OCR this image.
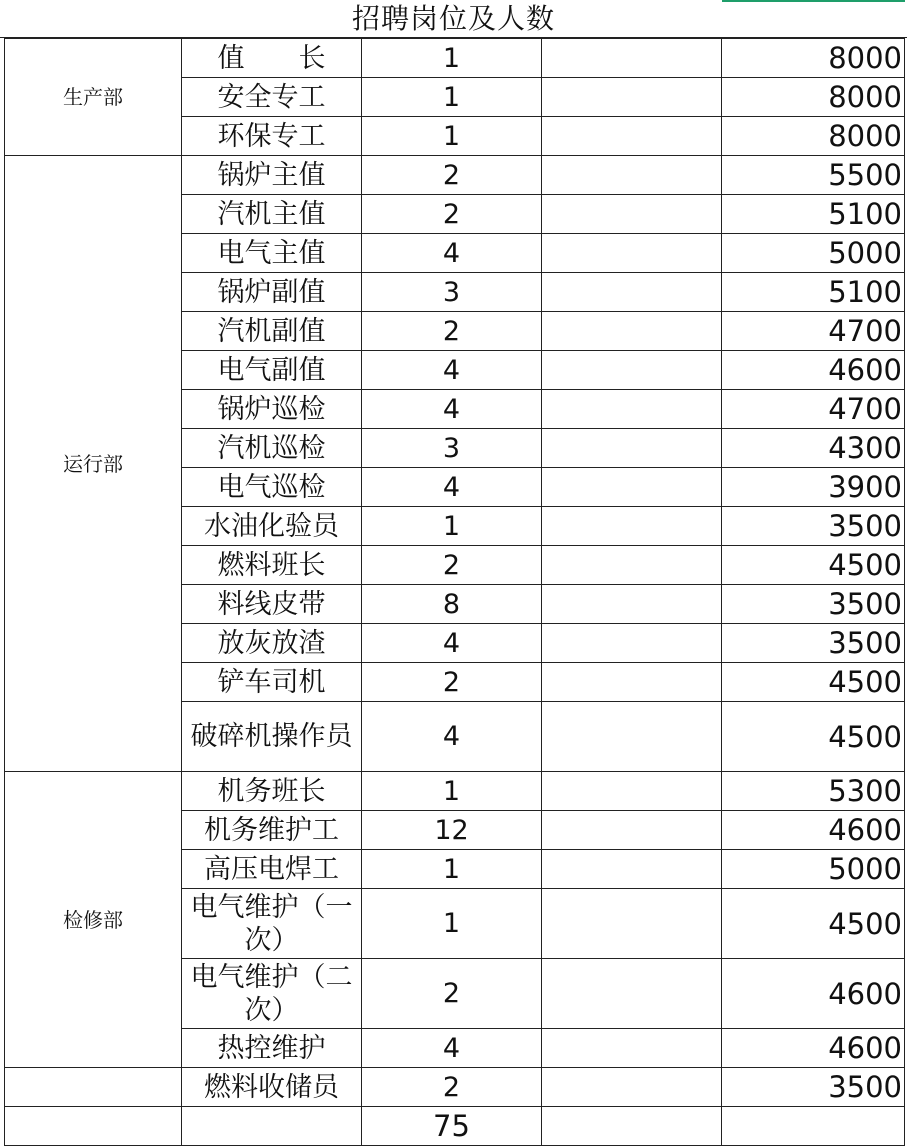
招聘岗位及人数
生产部	值　　长	1		8000
	安全专工	1		8000
	环保专工	1		8000
运行部	锅炉主值	2		5500
	汽机主值	2		5100
	电气主值	4		5000
	锅炉副值	3		5100
	汽机副值	2		4700
	电气副值	4		4600
	锅炉巡检	4		4700
	汽机巡检	3		4300
	电气巡检	4		3900
	水油化验员	1		3500
	燃料班长	2		4500
	料线皮带	8		3500
	放灰放渣	4		3500
	铲车司机	2		4500
	破碎机操作员	4		4500
检修部	机务班长	1		5300
	机务维护工	12		4600
	高压电焊工	1		5000
	电气维护（一次）	1		4500
	电气维护（二次）	2		4600
	热控维护	4		4600
	燃料收储员	2		3500
		75		
